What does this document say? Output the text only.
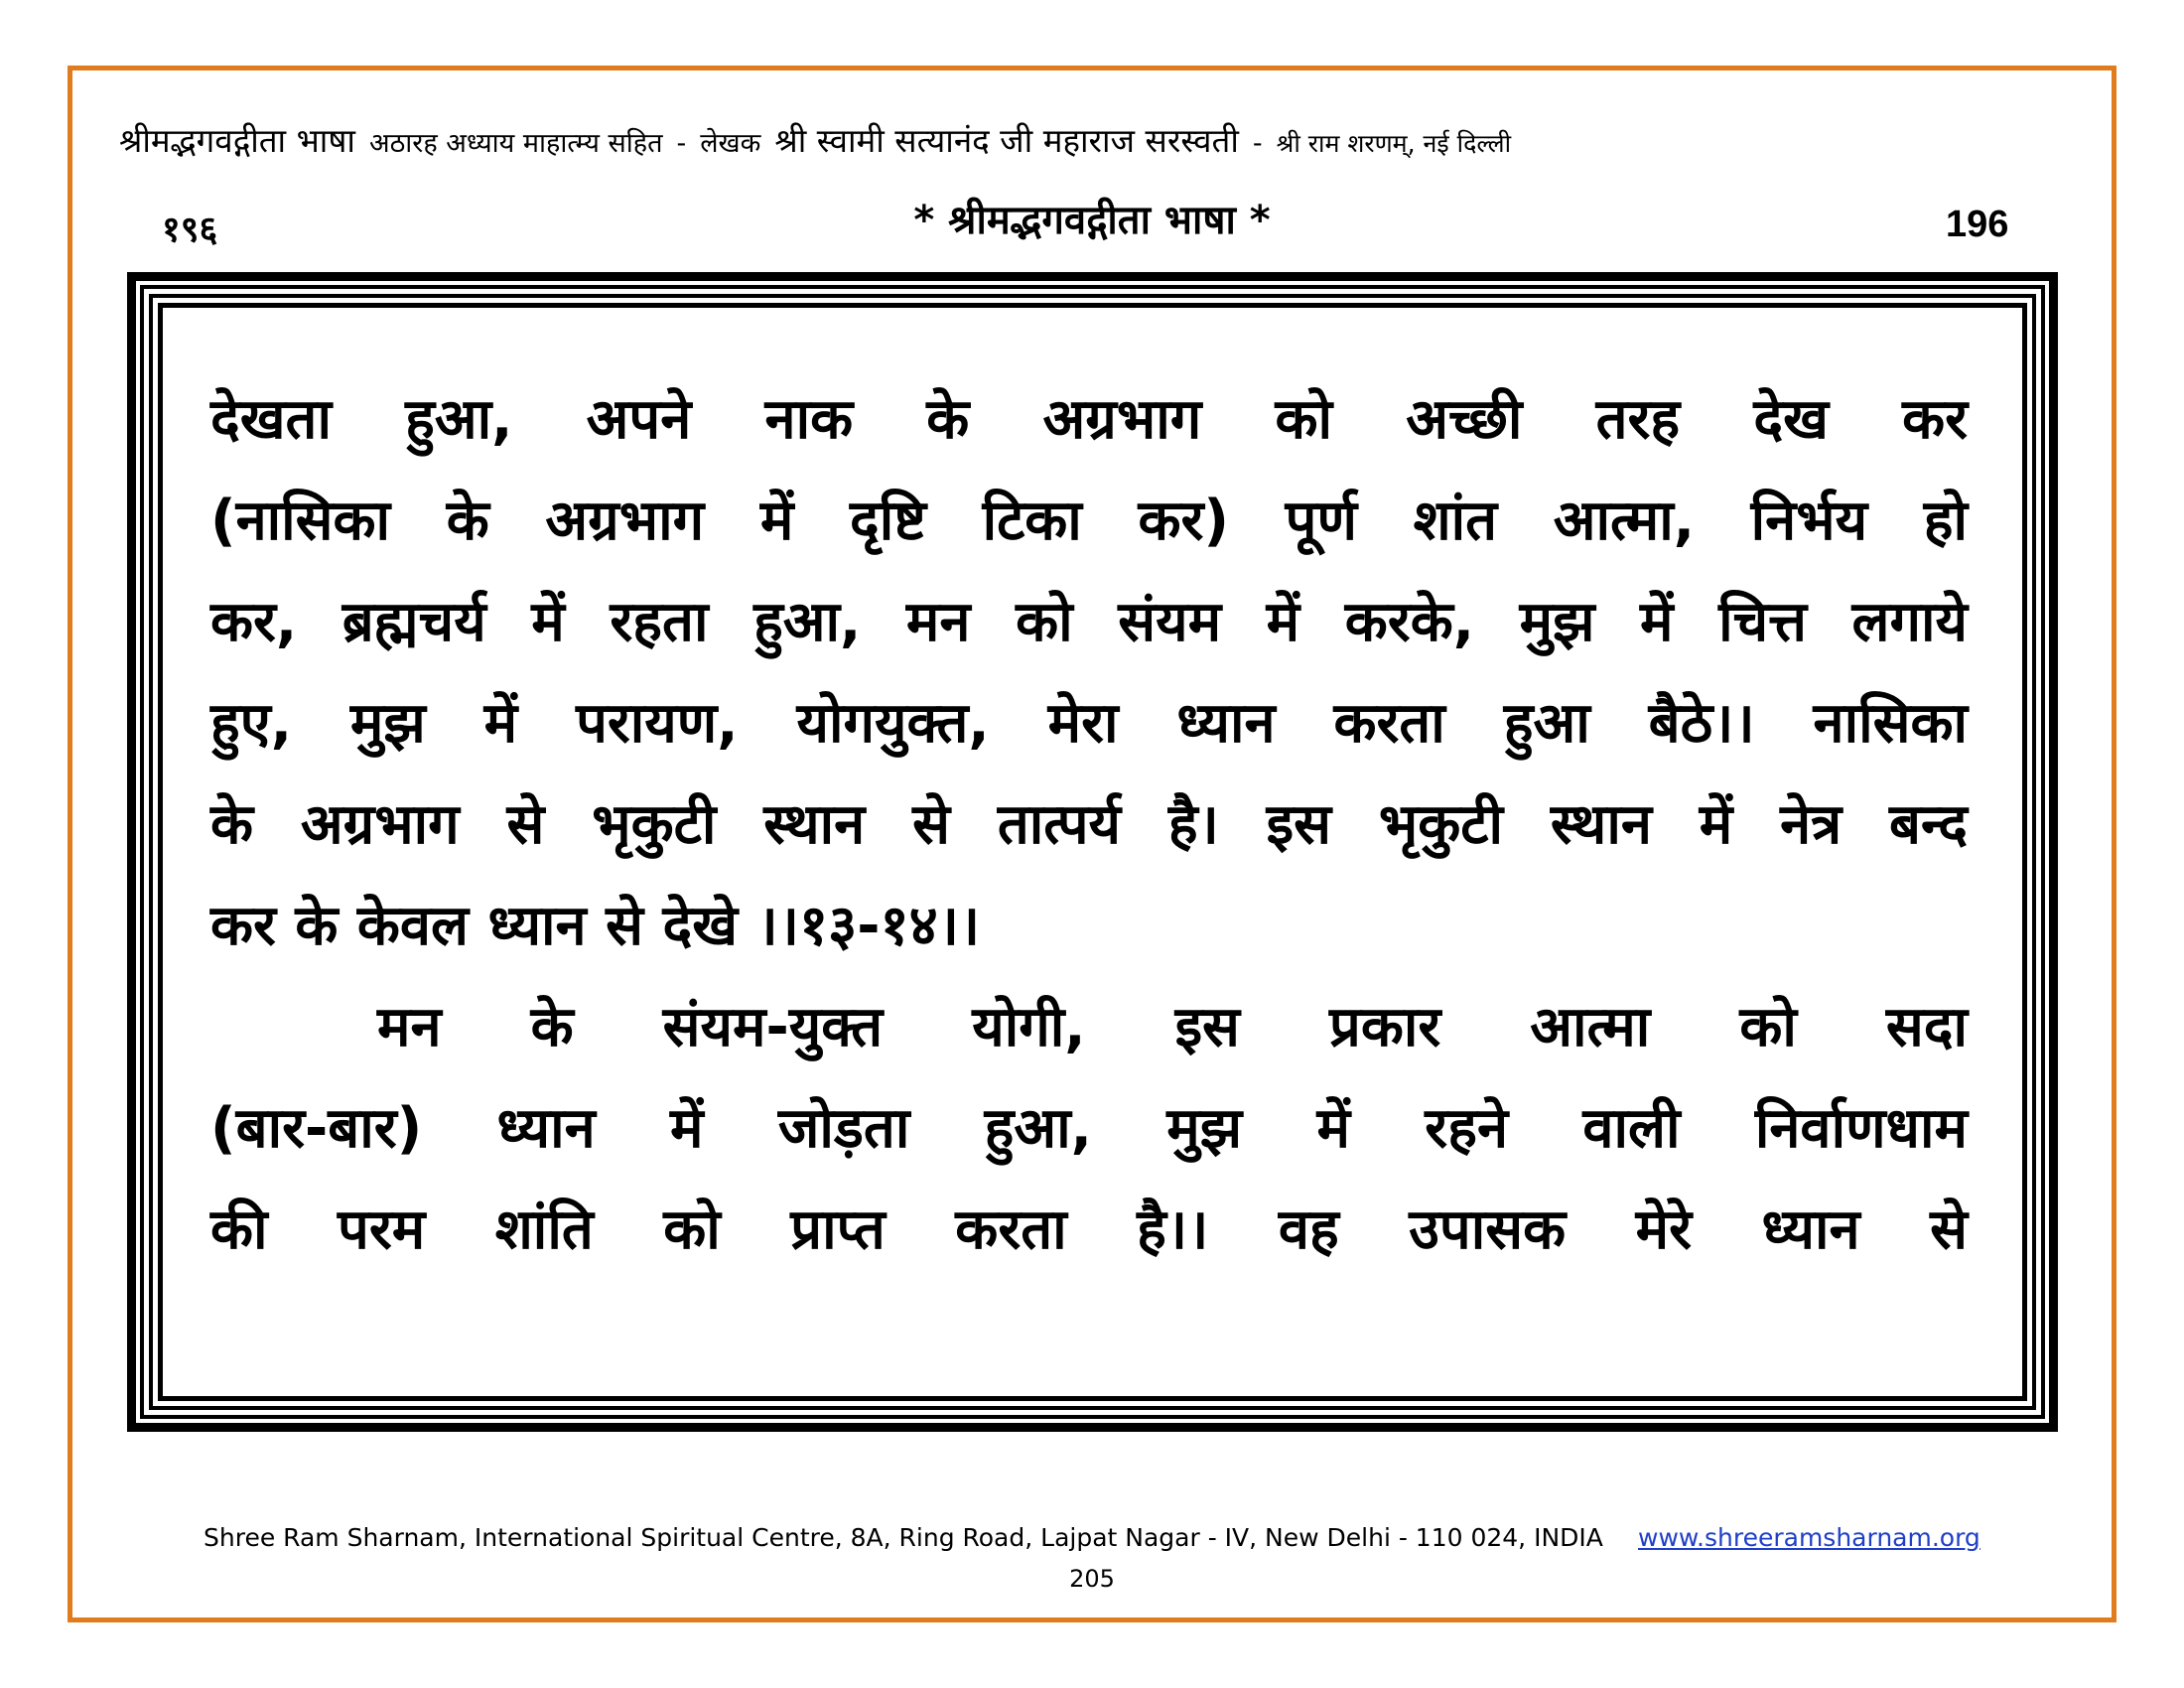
श्रीमद्भगवद्गीता भाषा अठारह अध्याय माहात्म्य सहित - लेखक श्री स्वामी सत्यानंद जी महाराज सरस्वती - श्री राम शरणम्, नई दिल्ली
१९६	* श्रीमद्भगवद्गीता भाषा *	196
देखता हुआ, अपने नाक के अग्रभाग को अच्छी तरह देख कर
(नासिका के अग्रभाग में दृष्टि टिका कर) पूर्ण शांत आत्मा, निर्भय हो
कर, ब्रह्मचर्य में रहता हुआ, मन को संयम में करके, मुझ में चित्त लगाये
हुए, मुझ में परायण, योगयुक्त, मेरा ध्यान करता हुआ बैठे।। नासिका
के अग्रभाग से भृकुटी स्थान से तात्पर्य है। इस भृकुटी स्थान में नेत्र बन्द
कर के केवल ध्यान से देखे ।।१३-१४।।
मन के संयम-युक्त योगी, इस प्रकार आत्मा को सदा
(बार-बार) ध्यान में जोड़ता हुआ, मुझ में रहने वाली निर्वाणधाम
की परम शांति को प्राप्त करता है।। वह उपासक मेरे ध्यान से
Shree Ram Sharnam, International Spiritual Centre, 8A, Ring Road, Lajpat Nagar - IV, New Delhi - 110 024, INDIA www.shreeramsharnam.org
205
